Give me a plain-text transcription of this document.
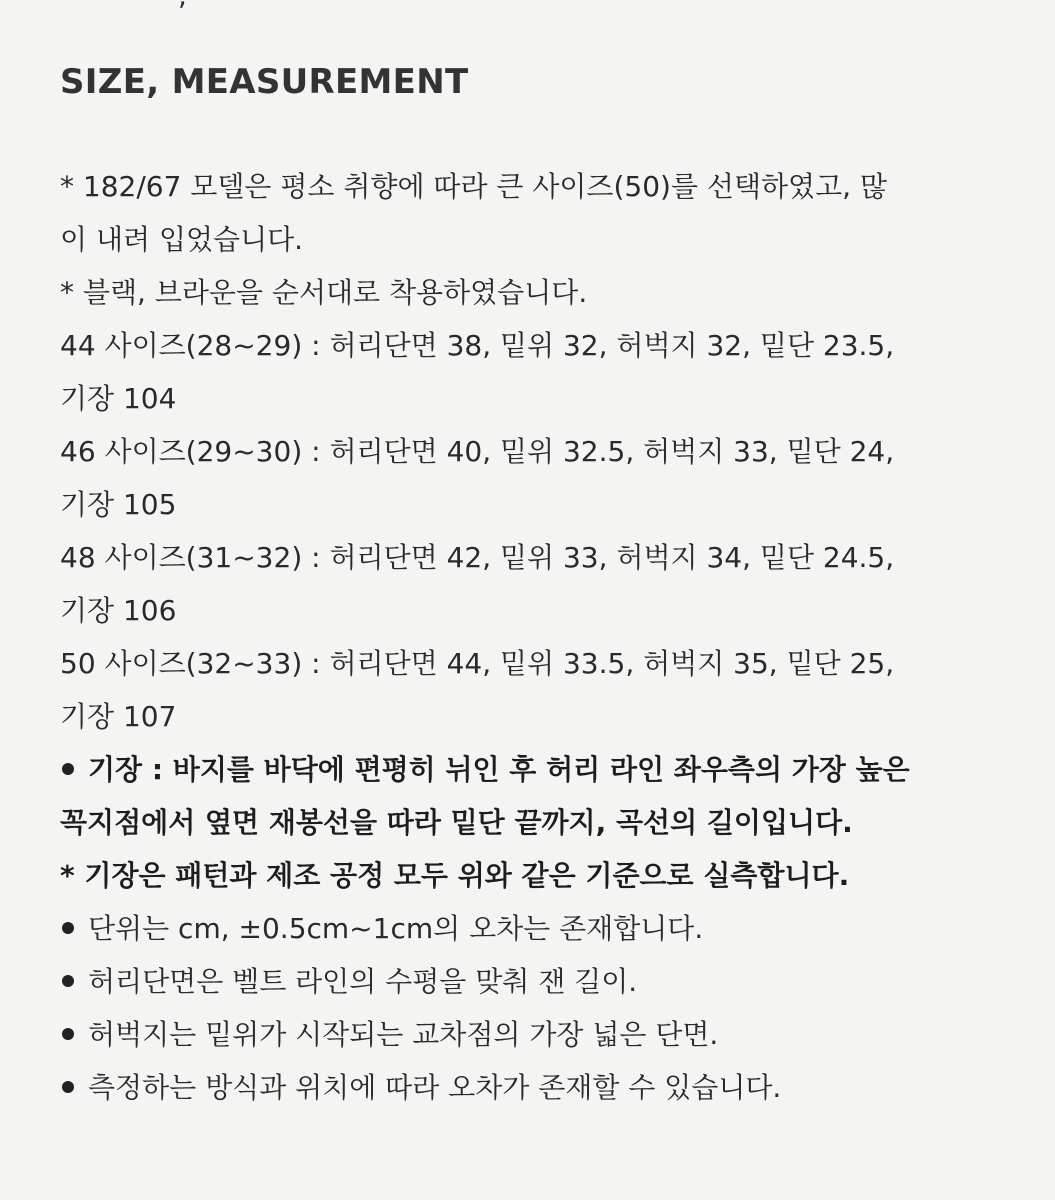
SIZE, MEASUREMENT

* 182/67 모델은 평소 취향에 따라 큰 사이즈(50)를 선택하였고, 많

이 내려 입었습니다.

* 블랙, 브라운을 순서대로 착용하였습니다.

44 사이즈(28~29) : 허리단면 38, 밑위 32, 허벅지 32, 밑단 23.5,

기장 104

46 사이즈(29~30) : 허리단면 40, 밑위 32.5, 허벅지 33, 밑단 24,

기장 105

48 사이즈(31~32) : 허리단면 42, 밑위 33, 허벅지 34, 밑단 24.5,

기장 106

50 사이즈(32~33) : 허리단면 44, 밑위 33.5, 허벅지 35, 밑단 25,

기장 107

기장 : 바지를 바닥에 편평히 뉘인 후 허리 라인 좌우측의 가장 높은

꼭지점에서 옆면 재봉선을 따라 밑단 끝까지, 곡선의 길이입니다.

* 기장은 패턴과 제조 공정 모두 위와 같은 기준으로 실측합니다.

단위는 cm, ±0.5cm~1cm의 오차는 존재합니다.

허리단면은 벨트 라인의 수평을 맞춰 잰 길이.

허벅지는 밑위가 시작되는 교차점의 가장 넓은 단면.

측정하는 방식과 위치에 따라 오차가 존재할 수 있습니다.
